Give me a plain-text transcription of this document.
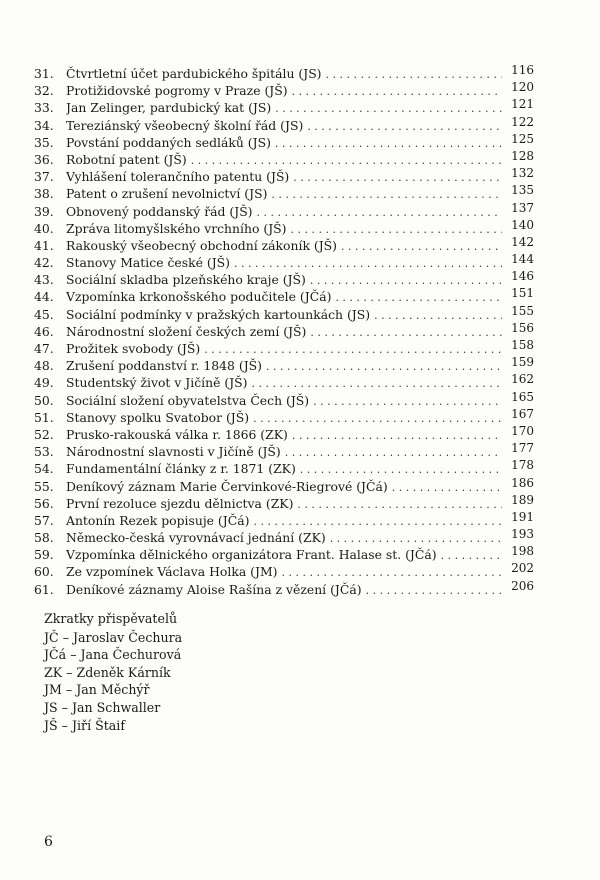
31. Čtvrtletní účet pardubického špitálu (JS) . . .	116
32. Protižidovské pogromy v Praze (JŠ) . . .	120
33. Jan Zelinger, pardubický kat (JS) . . .	121
34. Tereziánský všeobecný školní řád (JS) . . .	122
35. Povstání poddaných sedláků (JS) . . .	125
36. Robotní patent (JŠ) . . .	128
37. Vyhlášení tolerančního patentu (JŠ) . . .	132
38. Patent o zrušení nevolnictví (JS) . . .	135
39. Obnovený poddanský řád (JŠ) . . .	137
40. Zpráva litomyšlského vrchního (JŠ) . . .	140
41. Rakouský všeobecný obchodní zákoník (JŠ) . . .	142
42. Stanovy Matice české (JŠ) . . .	144
43. Sociální skladba plzeňského kraje (JŠ) . . .	146
44. Vzpomínka krkonošského podučitele (JČá) . . .	151
45. Sociální podmínky v pražských kartounkách (JS) . . .	155
46. Národnostní složení českých zemí (JŠ) . . .	156
47. Prožitek svobody (JŠ) . . .	158
48. Zrušení poddanství r. 1848 (JŠ) . . .	159
49. Studentský život v Jičíně (JŠ) . . .	162
50. Sociální složení obyvatelstva Čech (JŠ) . . .	165
51. Stanovy spolku Svatobor (JŠ) . . .	167
52. Prusko-rakouská válka r. 1866 (ZK) . . .	170
53. Národnostní slavnosti v Jičíně (JŠ) . . .	177
54. Fundamentální články z r. 1871 (ZK) . . .	178
55. Deníkový záznam Marie Červinkové-Riegrové (JČá) . . .	186
56. První rezoluce sjezdu dělnictva (ZK) . . .	189
57. Antonín Rezek popisuje (JČá) . . .	191
58. Německo-česká vyrovnávací jednání (ZK) . . .	193
59. Vzpomínka dělnického organizátora Frant. Halase st. (JČá) . . .	198
60. Ze vzpomínek Václava Holka (JM) . . .	202
61. Deníkové záznamy Aloise Rašína z vězení (JČá) . . .	206
Zkratky přispěvatelů
JČ – Jaroslav Čechura
JČá – Jana Čechurová
ZK – Zdeněk Kárník
JM – Jan Měchýř
JS – Jan Schwaller
JŠ – Jiří Štaif
6
